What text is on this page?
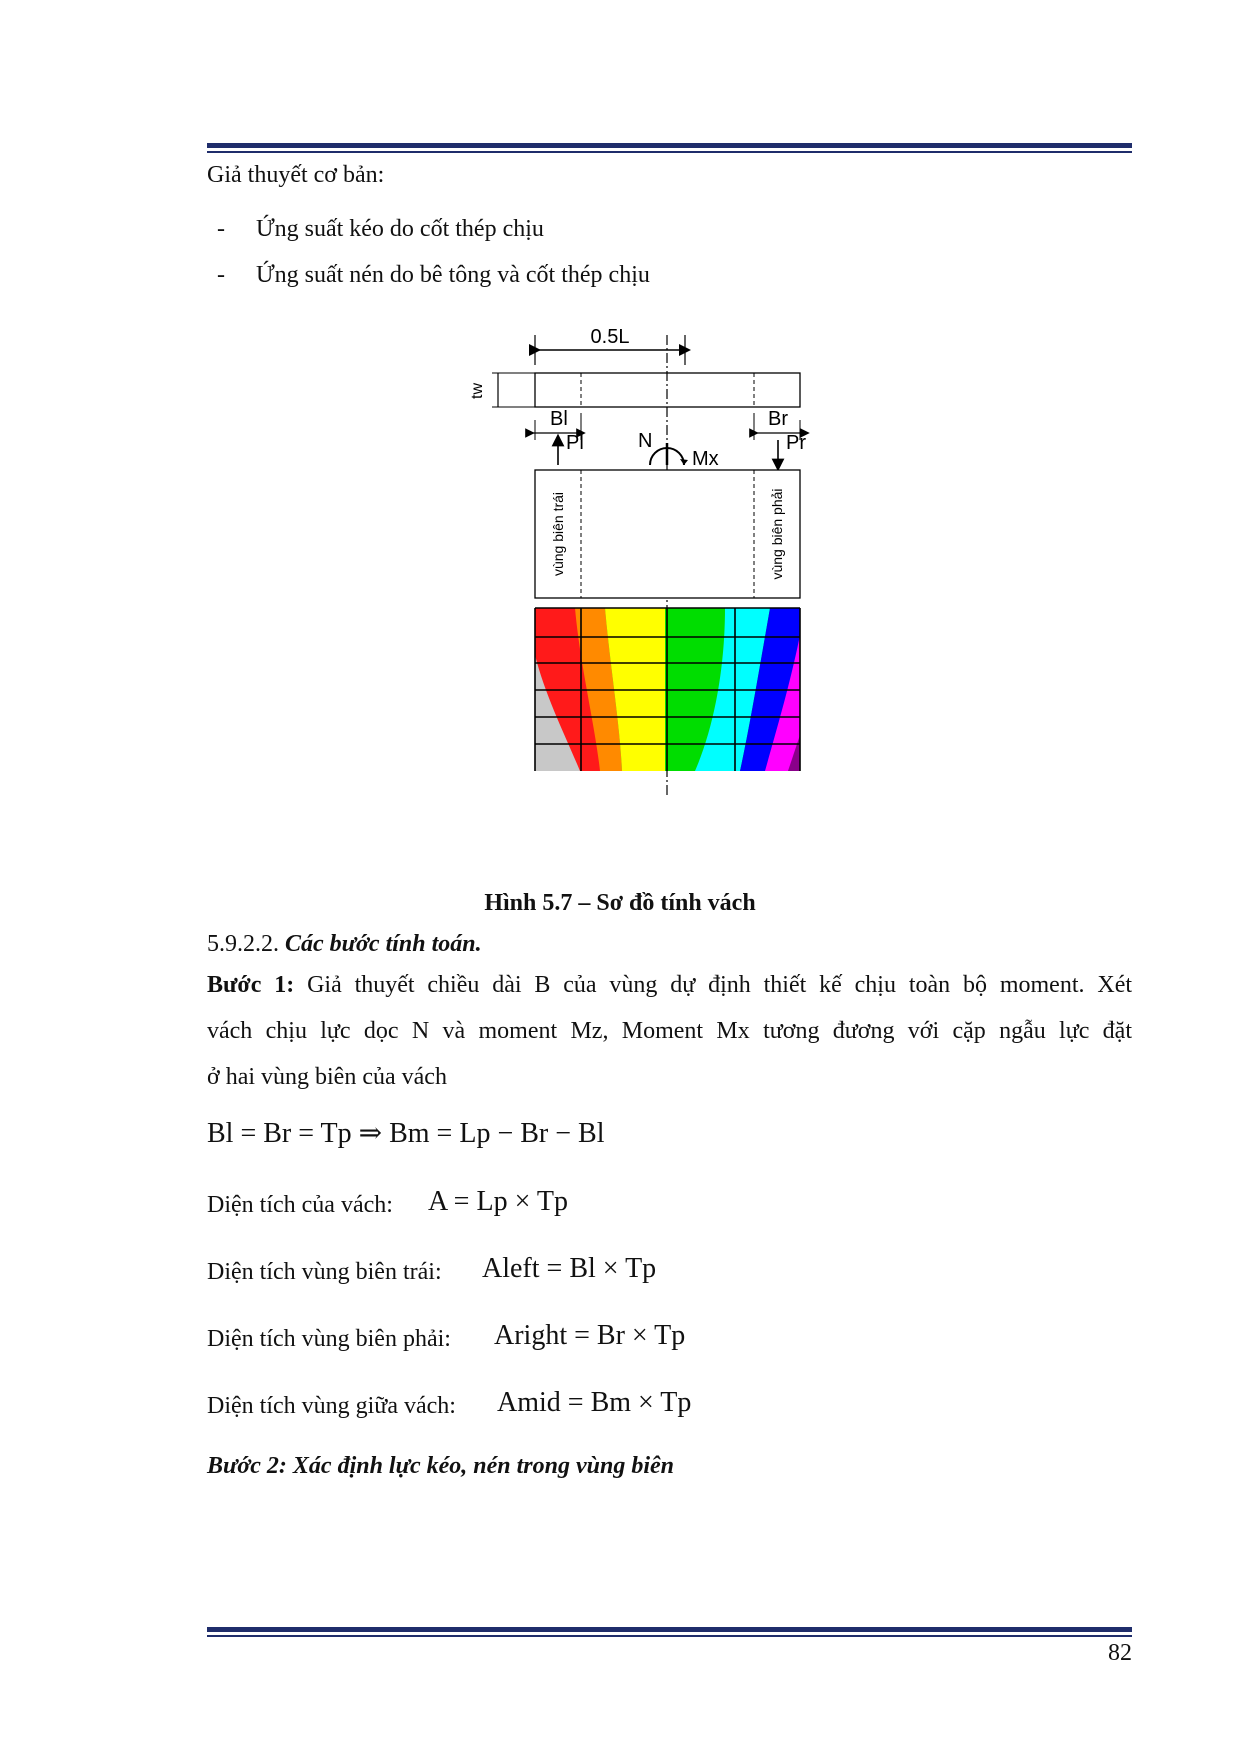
Giả thuyết cơ bản:
- Ứng suất kéo do cốt thép chịu
- Ứng suất nén do bê tông và cốt thép chịu
0.5L
tw
Bl	Br
Pl	Pr
N
Mx
vùng biên trái	vùng biên phải
Hình 5.7 – Sơ đồ tính vách
5.9.2.2. Các bước tính toán.
Bước 1: Giả thuyết chiều dài B của vùng dự định thiết kế chịu toàn bộ moment. Xét
vách chịu lực dọc N và moment Mz, Moment Mx tương đương với cặp ngẫu lực đặt
ở hai vùng biên của vách
Bl = Br = Tp ⇒ Bm = Lp − Br − Bl
Diện tích của vách: A = Lp × Tp
Diện tích vùng biên trái: Aleft = Bl × Tp
Diện tích vùng biên phải: Aright = Br × Tp
Diện tích vùng giữa vách: Amid = Bm × Tp
Bước 2: Xác định lực kéo, nén trong vùng biên
82
